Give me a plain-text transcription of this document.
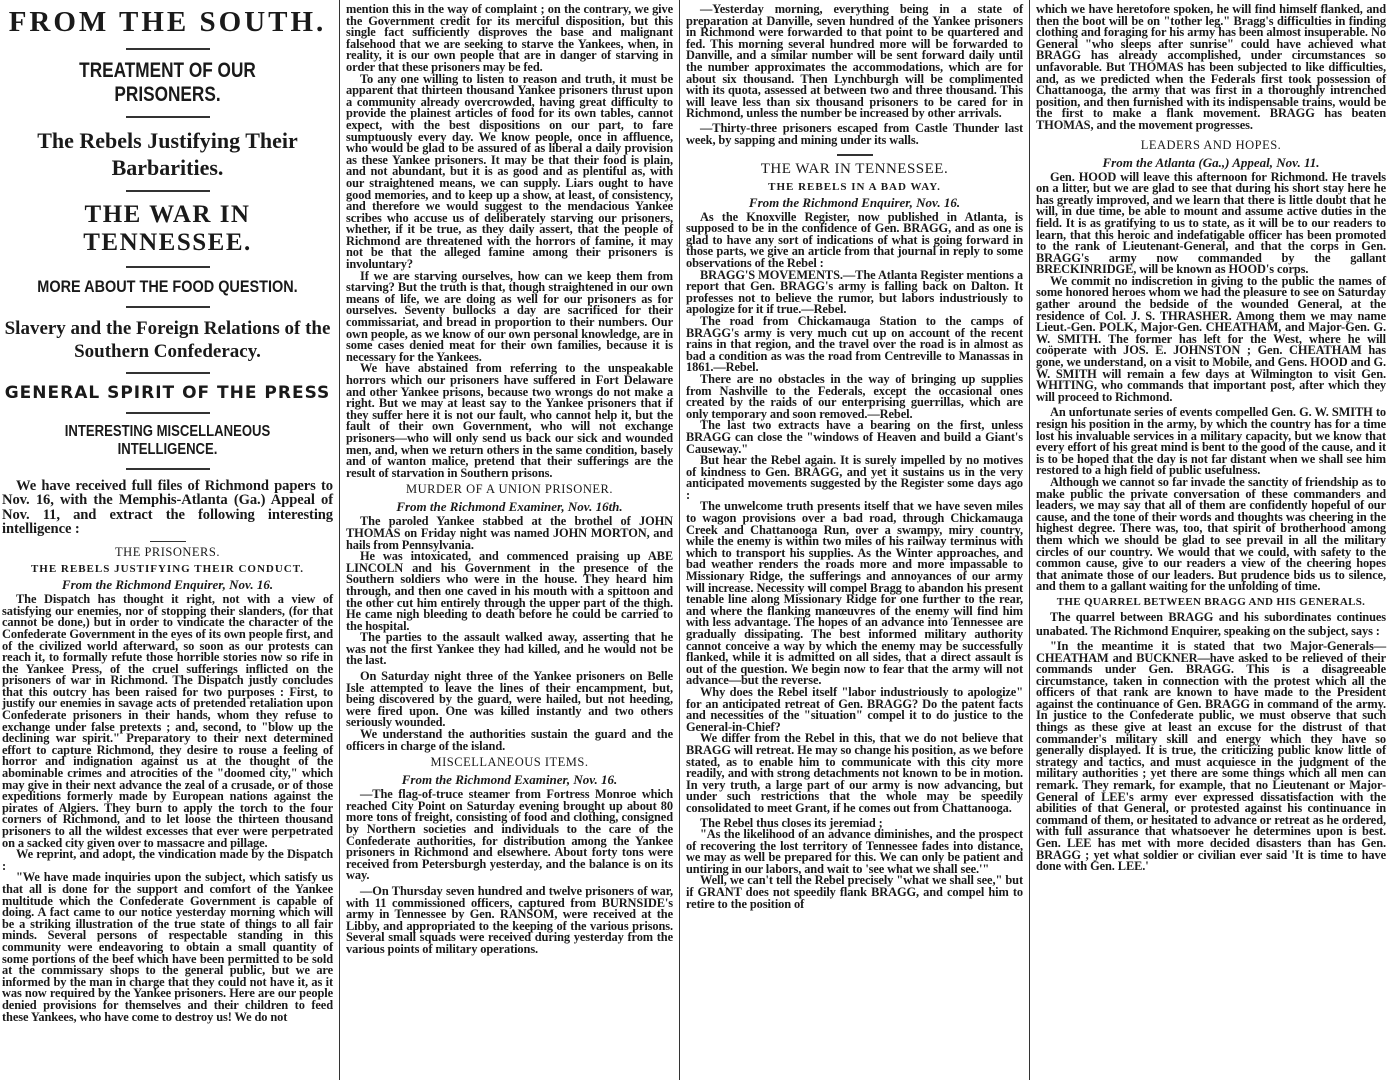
FROM THE SOUTH.
TREATMENT OF OUR PRISONERS.
The Rebels Justifying Their Barbarities.
THE WAR IN TENNESSEE.
MORE ABOUT THE FOOD QUESTION.
Slavery and the Foreign Relations of the Southern Confederacy.
GENERAL SPIRIT OF THE PRESS
INTERESTING MISCELLANEOUS INTELLIGENCE.

We have received full files of Richmond papers to Nov. 16, with the Memphis-Atlanta (Ga.) Appeal of Nov. 11, and extract the following interesting intelligence :

THE PRISONERS.
THE REBELS JUSTIFYING THEIR CONDUCT.
From the Richmond Enquirer, Nov. 16.

The Dispatch has thought it right, not with a view of satisfying our enemies, nor of stopping their slanders, (for that cannot be done,) but in order to vindicate the character of the Confederate Government in the eyes of its own people first, and of the civilized world afterward, so soon as our protests can reach it, to formally refute those horrible stories now so rife in the Yankee Press, of the cruel sufferings inflicted on the prisoners of war in Richmond. The Dispatch justly concludes that this outcry has been raised for two purposes : First, to justify our enemies in savage acts of pretended retaliation upon Confederate prisoners in their hands, whom they refuse to exchange under false pretexts ; and, second, to "blow up the declining war spirit." Preparatory to their next determined effort to capture Richmond, they desire to rouse a feeling of horror and indignation against us at the thought of the abominable crimes and atrocities of the "doomed city," which may give in their next advance the zeal of a crusade, or of those expeditions formerly made by European nations against the pirates of Algiers. They burn to apply the torch to the four corners of Richmond, and to let loose the thirteen thousand prisoners to all the wildest excesses that ever were perpetrated on a sacked city given over to massacre and pillage.

We reprint, and adopt, the vindication made by the Dispatch :

"We have made inquiries upon the subject, which satisfy us that all is done for the support and comfort of the Yankee multitude which the Confederate Government is capable of doing. A fact came to our notice yesterday morning which will be a striking illustration of the true state of things to all fair minds. Several persons of respectable standing in this community were endeavoring to obtain a small quantity of some portions of the beef which have been permitted to be sold at the commissary shops to the general public, but we are informed by the man in charge that they could not have it, as it was now required by the Yankee prisoners. Here are our people denied provisions for themselves and their children to feed these Yankees, who have come to destroy us! We do not

mention this in the way of complaint ; on the contrary, we give the Government credit for its merciful disposition, but this single fact sufficiently disproves the base and malignant falsehood that we are seeking to starve the Yankees, when, in reality, it is our own people that are in danger of starving in order that these prisoners may be fed.

To any one willing to listen to reason and truth, it must be apparent that thirteen thousand Yankee prisoners thrust upon a community already overcrowded, having great difficulty to provide the plainest articles of food for its own tables, cannot expect, with the best dispositions on our part, to fare sumptuously every day. We know people, once in affluence, who would be glad to be assured of as liberal a daily provision as these Yankee prisoners. It may be that their food is plain, and not abundant, but it is as good and as plentiful as, with our straightened means, we can supply. Liars ought to have good memories, and to keep up a show, at least, of consistency, and therefore we would suggest to the mendacious Yankee scribes who accuse us of deliberately starving our prisoners, whether, if it be true, as they daily assert, that the people of Richmond are threatened with the horrors of famine, it may not be that the alleged famine among their prisoners is involuntary?

If we are starving ourselves, how can we keep them from starving? But the truth is that, though straightened in our own means of life, we are doing as well for our prisoners as for ourselves. Seventy bullocks a day are sacrificed for their commissariat, and bread in proportion to their numbers. Our own people, as we know of our own personal knowledge, are in some cases denied meat for their own families, because it is necessary for the Yankees.

We have abstained from referring to the unspeakable horrors which our prisoners have suffered in Fort Delaware and other Yankee prisons, because two wrongs do not make a right. But we may at least say to the Yankee prisoners that if they suffer here it is not our fault, who cannot help it, but the fault of their own Government, who will not exchange prisoners—who will only send us back our sick and wounded men, and, when we return others in the same condition, basely and of wanton malice, pretend that their sufferings are the result of starvation in Southern prisons.

MURDER OF A UNION PRISONER.
From the Richmond Examiner, Nov. 16th.

The paroled Yankee stabbed at the brothel of JOHN THOMAS on Friday night was named JOHN MORTON, and hails from Pennsylvania.

He was intoxicated, and commenced praising up ABE LINCOLN and his Government in the presence of the Southern soldiers who were in the house. They heard him through, and then one caved in his mouth with a spittoon and the other cut him entirely through the upper part of the thigh. He came nigh bleeding to death before he could be carried to the hospital.

The parties to the assault walked away, asserting that he was not the first Yankee they had killed, and he would not be the last.

On Saturday night three of the Yankee prisoners on Belle Isle attempted to leave the lines of their encampment, but, being discovered by the guard, were hailed, but not heeding, were fired upon. One was killed instantly and two others seriously wounded.

We understand the authorities sustain the guard and the officers in charge of the island.

MISCELLANEOUS ITEMS.
From the Richmond Examiner, Nov. 16.

—The flag-of-truce steamer from Fortress Monroe which reached City Point on Saturday evening brought up about 80 more tons of freight, consisting of food and clothing, consigned by Northern societies and individuals to the care of the Confederate authorities, for distribution among the Yankee prisoners in Richmond and elsewhere. About forty tons were received from Petersburgh yesterday, and the balance is on its way.

—On Thursday seven hundred and twelve prisoners of war, with 11 commissioned officers, captured from BURNSIDE's army in Tennessee by Gen. RANSOM, were received at the Libby, and appropriated to the keeping of the various prisons. Several small squads were received during yesterday from the various points of military operations.

—Yesterday morning, everything being in a state of preparation at Danville, seven hundred of the Yankee prisoners in Richmond were forwarded to that point to be quartered and fed. This morning several hundred more will be forwarded to Danville, and a similar number will be sent forward daily until the number approximates the accommodations, which are for about six thousand. Then Lynchburgh will be complimented with its quota, assessed at between two and three thousand. This will leave less than six thousand prisoners to be cared for in Richmond, unless the number be increased by other arrivals.

—Thirty-three prisoners escaped from Castle Thunder last week, by sapping and mining under its walls.

THE WAR IN TENNESSEE.
THE REBELS IN A BAD WAY.
From the Richmond Enquirer, Nov. 16.

As the Knoxville Register, now published in Atlanta, is supposed to be in the confidence of Gen. BRAGG, and as one is glad to have any sort of indications of what is going forward in those parts, we give an article from that journal in reply to some observations of the Rebel :

BRAGG'S MOVEMENTS.—The Atlanta Register mentions a report that Gen. BRAGG's army is falling back on Dalton. It professes not to believe the rumor, but labors industriously to apologize for it if true.—Rebel.

The road from Chickamauga Station to the camps of BRAGG's army is very much cut up on account of the recent rains in that region, and the travel over the road is in almost as bad a condition as was the road from Centreville to Manassas in 1861.—Rebel.

There are no obstacles in the way of bringing up supplies from Nashville to the Federals, except the occasional ones created by the raids of our enterprising guerrillas, which are only temporary and soon removed.—Rebel.

The last two extracts have a bearing on the first, unless BRAGG can close the "windows of Heaven and build a Giant's Causeway."

But hear the Rebel again. It is surely impelled by no motives of kindness to Gen. BRAGG, and yet it sustains us in the very anticipated movements suggested by the Register some days ago :

The unwelcome truth presents itself that we have seven miles to wagon provisions over a bad road, through Chickamauga Creek and Chattanooga Run, over a swampy, miry country, while the enemy is within two miles of his railway terminus with which to transport his supplies. As the Winter approaches, and bad weather renders the roads more and more impassable to Missionary Ridge, the sufferings and annoyances of our army will increase. Necessity will compel Bragg to abandon his present tenable line along Missionary Ridge for one further to the rear, and where the flanking manœuvres of the enemy will find him with less advantage. The hopes of an advance into Tennessee are gradually dissipating. The best informed military authority cannot conceive a way by which the enemy may be successfully flanked, while it is admitted on all sides, that a direct assault is out of the question. We begin now to fear that the army will not advance—but the reverse.

Why does the Rebel itself "labor industriously to apologize" for an anticipated retreat of Gen. BRAGG? Do the patent facts and necessities of the "situation" compel it to do justice to the General-in-Chief?

We differ from the Rebel in this, that we do not believe that BRAGG will retreat. He may so change his position, as we before stated, as to enable him to communicate with this city more readily, and with strong detachments not known to be in motion. In very truth, a large part of our army is now advancing, but under such restrictions that the whole may be speedily consolidated to meet Grant, if he comes out from Chattanooga.

The Rebel thus closes its jeremiad ;

"As the likelihood of an advance diminishes, and the prospect of recovering the lost territory of Tennessee fades into distance, we may as well be prepared for this. We can only be patient and untiring in our labors, and wait to 'see what we shall see.'"

Well, we can't tell the Rebel precisely "what we shall see," but if GRANT does not speedily flank BRAGG, and compel him to retire to the position of

which we have heretofore spoken, he will find himself flanked, and then the boot will be on "tother leg." Bragg's difficulties in finding clothing and foraging for his army has been almost insuperable. No General "who sleeps after sunrise" could have achieved what BRAGG has already accomplished, under circumstances so unfavorable. But THOMAS has been subjected to like difficulties, and, as we predicted when the Federals first took possession of Chattanooga, the army that was first in a thoroughly intrenched position, and then furnished with its indispensable trains, would be the first to make a flank movement. BRAGG has beaten THOMAS, and the movement progresses.

LEADERS AND HOPES.
From the Atlanta (Ga.,) Appeal, Nov. 11.

Gen. HOOD will leave this afternoon for Richmond. He travels on a litter, but we are glad to see that during his short stay here he has greatly improved, and we learn that there is little doubt that he will, in due time, be able to mount and assume active duties in the field. It is as gratifying to us to state, as it will be to our readers to learn, that this heroic and indefatigable officer has been promoted to the rank of Lieutenant-General, and that the corps in Gen. BRAGG's army now commanded by the gallant BRECKINRIDGE, will be known as HOOD's corps.

We commit no indiscretion in giving to the public the names of some honored heroes whom we had the pleasure to see on Saturday gather around the bedside of the wounded General, at the residence of Col. J. S. THRASHER. Among them we may name Lieut.-Gen. POLK, Major-Gen. CHEATHAM, and Major-Gen. G. W. SMITH. The former has left for the West, where he will coöperate with JOS. E. JOHNSTON ; Gen. CHEATHAM has gone, we understand, on a visit to Mobile, and Gens. HOOD and G. W. SMITH will remain a few days at Wilmington to visit Gen. WHITING, who commands that important post, after which they will proceed to Richmond.

An unfortunate series of events compelled Gen. G. W. SMITH to resign his position in the army, by which the country has for a time lost his invaluable services in a military capacity, but we know that every effort of his great mind is bent to the good of the cause, and it is to be hoped that the day is not far distant when we shall see him restored to a high field of public usefulness.

Although we cannot so far invade the sanctity of friendship as to make public the private conversation of these commanders and leaders, we may say that all of them are confidently hopeful of our cause, and the tone of their words and thoughts was cheering in the highest degree. There was, too, that spirit of brotherhood among them which we should be glad to see prevail in all the military circles of our country. We would that we could, with safety to the common cause, give to our readers a view of the cheering hopes that animate those of our leaders. But prudence bids us to silence, and them to a gallant waiting for the unfolding of time.

THE QUARREL BETWEEN BRAGG AND HIS GENERALS.

The quarrel between BRAGG and his subordinates continues unabated. The Richmond Enquirer, speaking on the subject, says :

"In the meantime it is stated that two Major-Generals—CHEATHAM and BUCKNER—have asked to be relieved of their commands under Gen. BRAGG. This is a disagreeable circumstance, taken in connection with the protest which all the officers of that rank are known to have made to the President against the continuance of Gen. BRAGG in command of the army. In justice to the Confederate public, we must observe that such things as these give at least an excuse for the distrust of that commander's military skill and energy which they have so generally displayed. It is true, the criticizing public know little of strategy and tactics, and must acquiesce in the judgment of the military authorities ; yet there are some things which all men can remark. They remark, for example, that no Lieutenant or Major-General of LEE's army ever expressed dissatisfaction with the abilities of that General, or protested against his continuance in command of them, or hesitated to advance or retreat as he ordered, with full assurance that whatsoever he determines upon is best. Gen. LEE has met with more decided disasters than has Gen. BRAGG ; yet what soldier or civilian ever said 'It is time to have done with Gen. LEE.'
